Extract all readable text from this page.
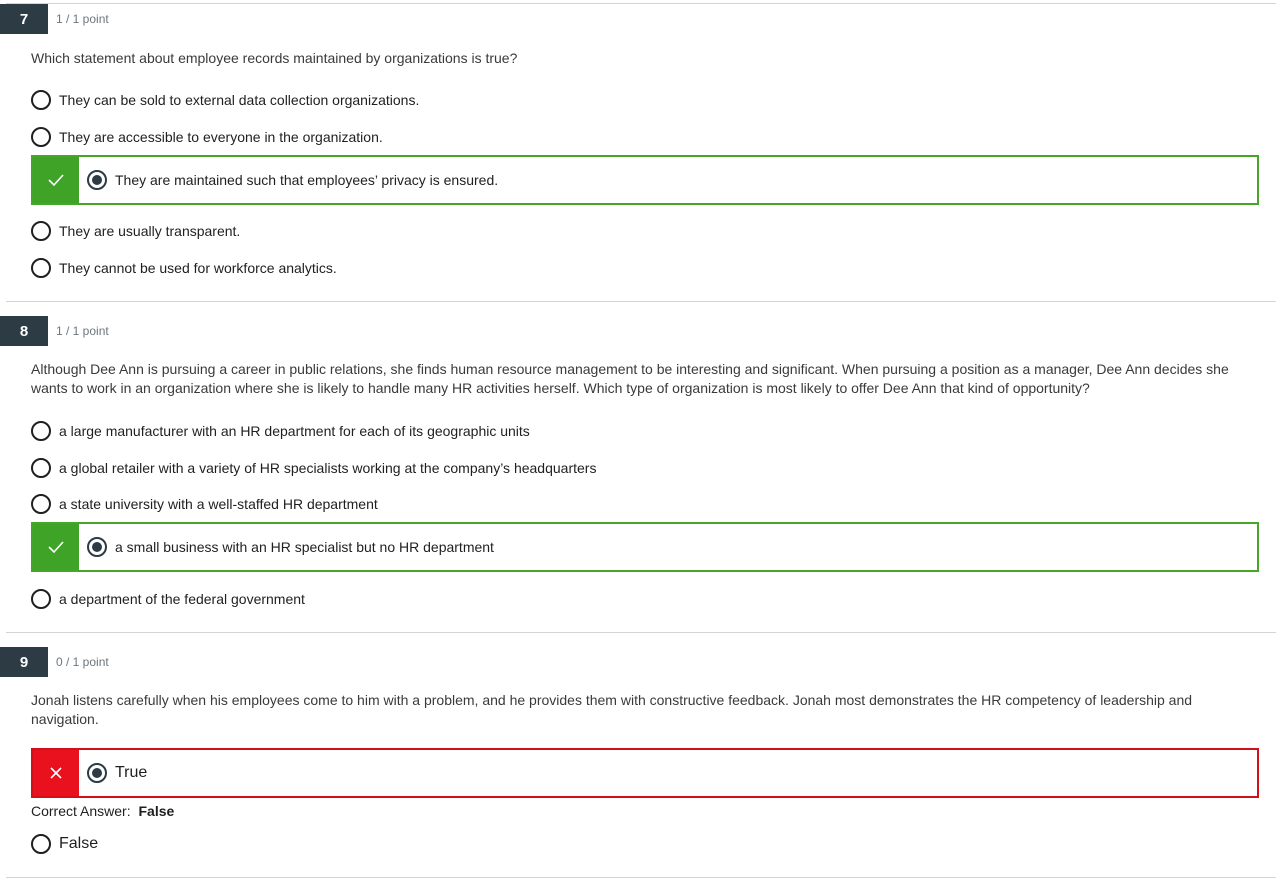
7	1 / 1 point
Which statement about employee records maintained by organizations is true?
They can be sold to external data collection organizations.
They are accessible to everyone in the organization.
They are maintained such that employees’ privacy is ensured.
They are usually transparent.
They cannot be used for workforce analytics.
8	1 / 1 point
Although Dee Ann is pursuing a career in public relations, she finds human resource management to be interesting and significant. When pursuing a position as a manager, Dee Ann decides she wants to work in an organization where she is likely to handle many HR activities herself. Which type of organization is most likely to offer Dee Ann that kind of opportunity?
a large manufacturer with an HR department for each of its geographic units
a global retailer with a variety of HR specialists working at the company’s headquarters
a state university with a well-staffed HR department
a small business with an HR specialist but no HR department
a department of the federal government
9	0 / 1 point
Jonah listens carefully when his employees come to him with a problem, and he provides them with constructive feedback. Jonah most demonstrates the HR competency of leadership and navigation.
True
Correct Answer: False
False
